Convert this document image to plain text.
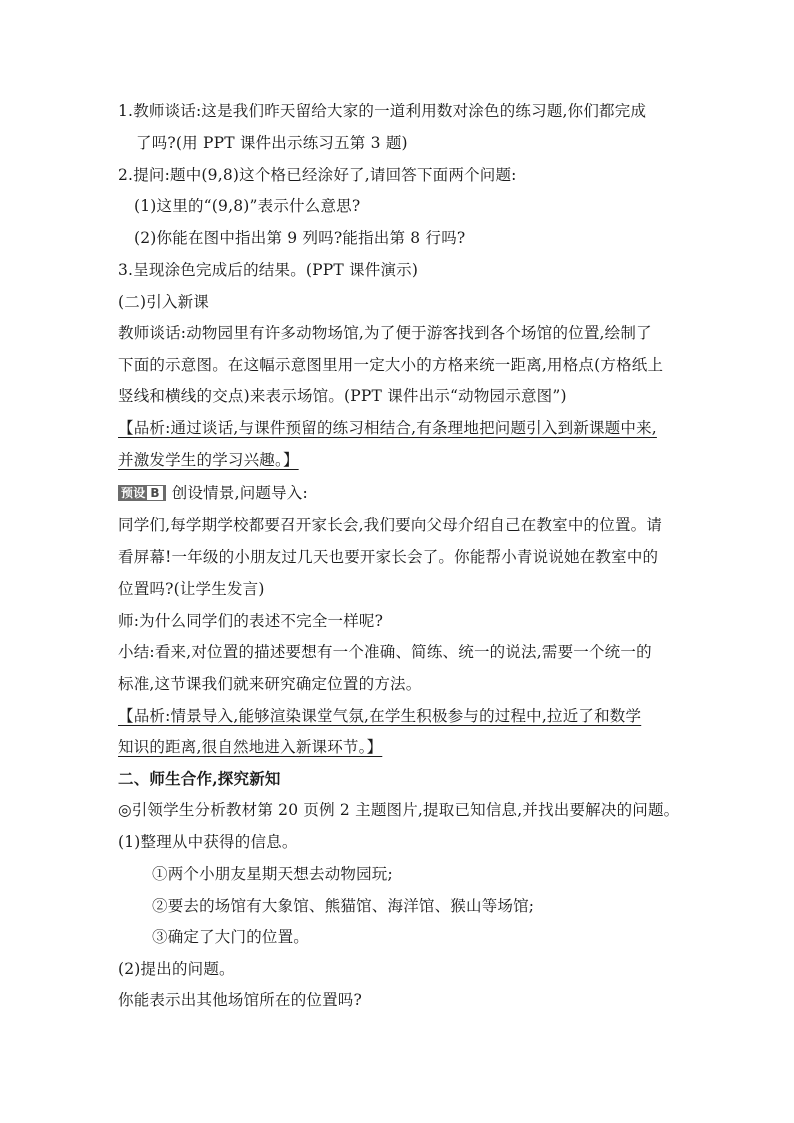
1.教师谈话:这是我们昨天留给大家的一道利用数对涂色的练习题,你们都完成
了吗?(用 PPT 课件出示练习五第 3 题)
2.提问:题中(9,8)这个格已经涂好了,请回答下面两个问题:
(1)这里的“(9,8)”表示什么意思?
(2)你能在图中指出第 9 列吗?能指出第 8 行吗?
3.呈现涂色完成后的结果。(PPT 课件演示)
(二)引入新课
教师谈话:动物园里有许多动物场馆,为了便于游客找到各个场馆的位置,绘制了
下面的示意图。在这幅示意图里用一定大小的方格来统一距离,用格点(方格纸上
竖线和横线的交点)来表示场馆。(PPT 课件出示“动物园示意图”)
【品析:通过谈话,与课件预留的练习相结合,有条理地把问题引入到新课题中来,
并激发学生的学习兴趣。】
预设 B 创设情景,问题导入:
同学们,每学期学校都要召开家长会,我们要向父母介绍自己在教室中的位置。请
看屏幕!一年级的小朋友过几天也要开家长会了。你能帮小青说说她在教室中的
位置吗?(让学生发言)
师:为什么同学们的表述不完全一样呢?
小结:看来,对位置的描述要想有一个准确、简练、统一的说法,需要一个统一的
标准,这节课我们就来研究确定位置的方法。
【品析:情景导入,能够渲染课堂气氛,在学生积极参与的过程中,拉近了和数学
知识的距离,很自然地进入新课环节。】
二、师生合作,探究新知
◎引领学生分析教材第 20 页例 2 主题图片,提取已知信息,并找出要解决的问题。
(1)整理从中获得的信息。
①两个小朋友星期天想去动物园玩;
②要去的场馆有大象馆、熊猫馆、海洋馆、猴山等场馆;
③确定了大门的位置。
(2)提出的问题。
你能表示出其他场馆所在的位置吗?
